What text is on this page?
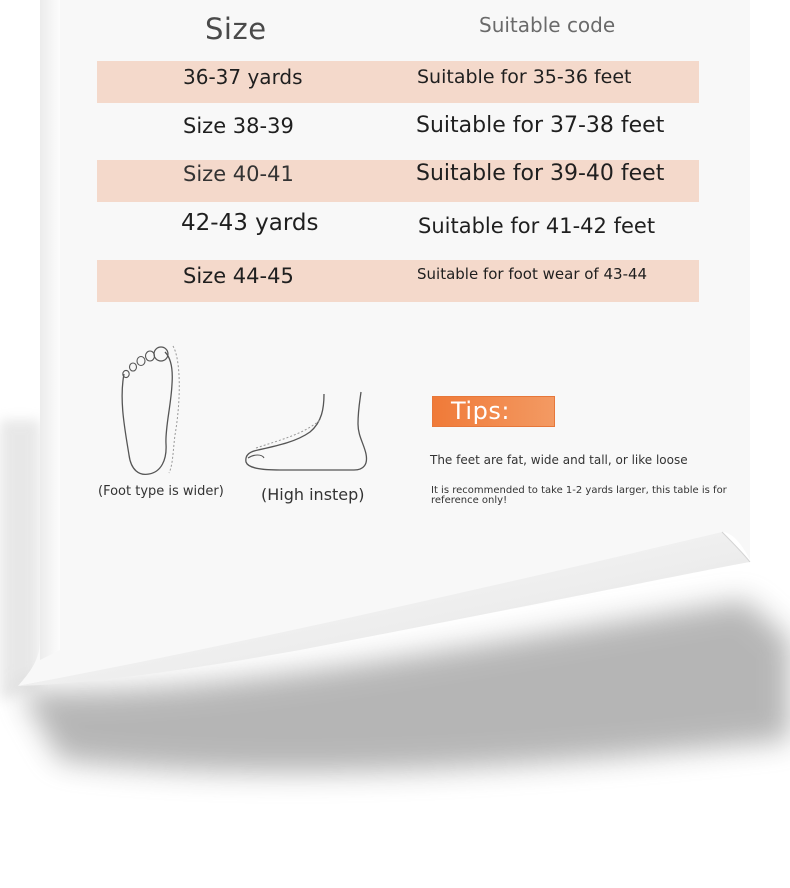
Size	Suitable code
36-37 yards	Suitable for 35-36 feet
Size 38-39	Suitable for 37-38 feet
Size 40-41	Suitable for 39-40 feet
42-43 yards	Suitable for 41-42 feet
Size 44-45	Suitable for foot wear of 43-44
(Foot type is wider) (High instep)
Tips:
The feet are fat, wide and tall, or like loose
It is recommended to take 1-2 yards larger, this table is for reference only!
